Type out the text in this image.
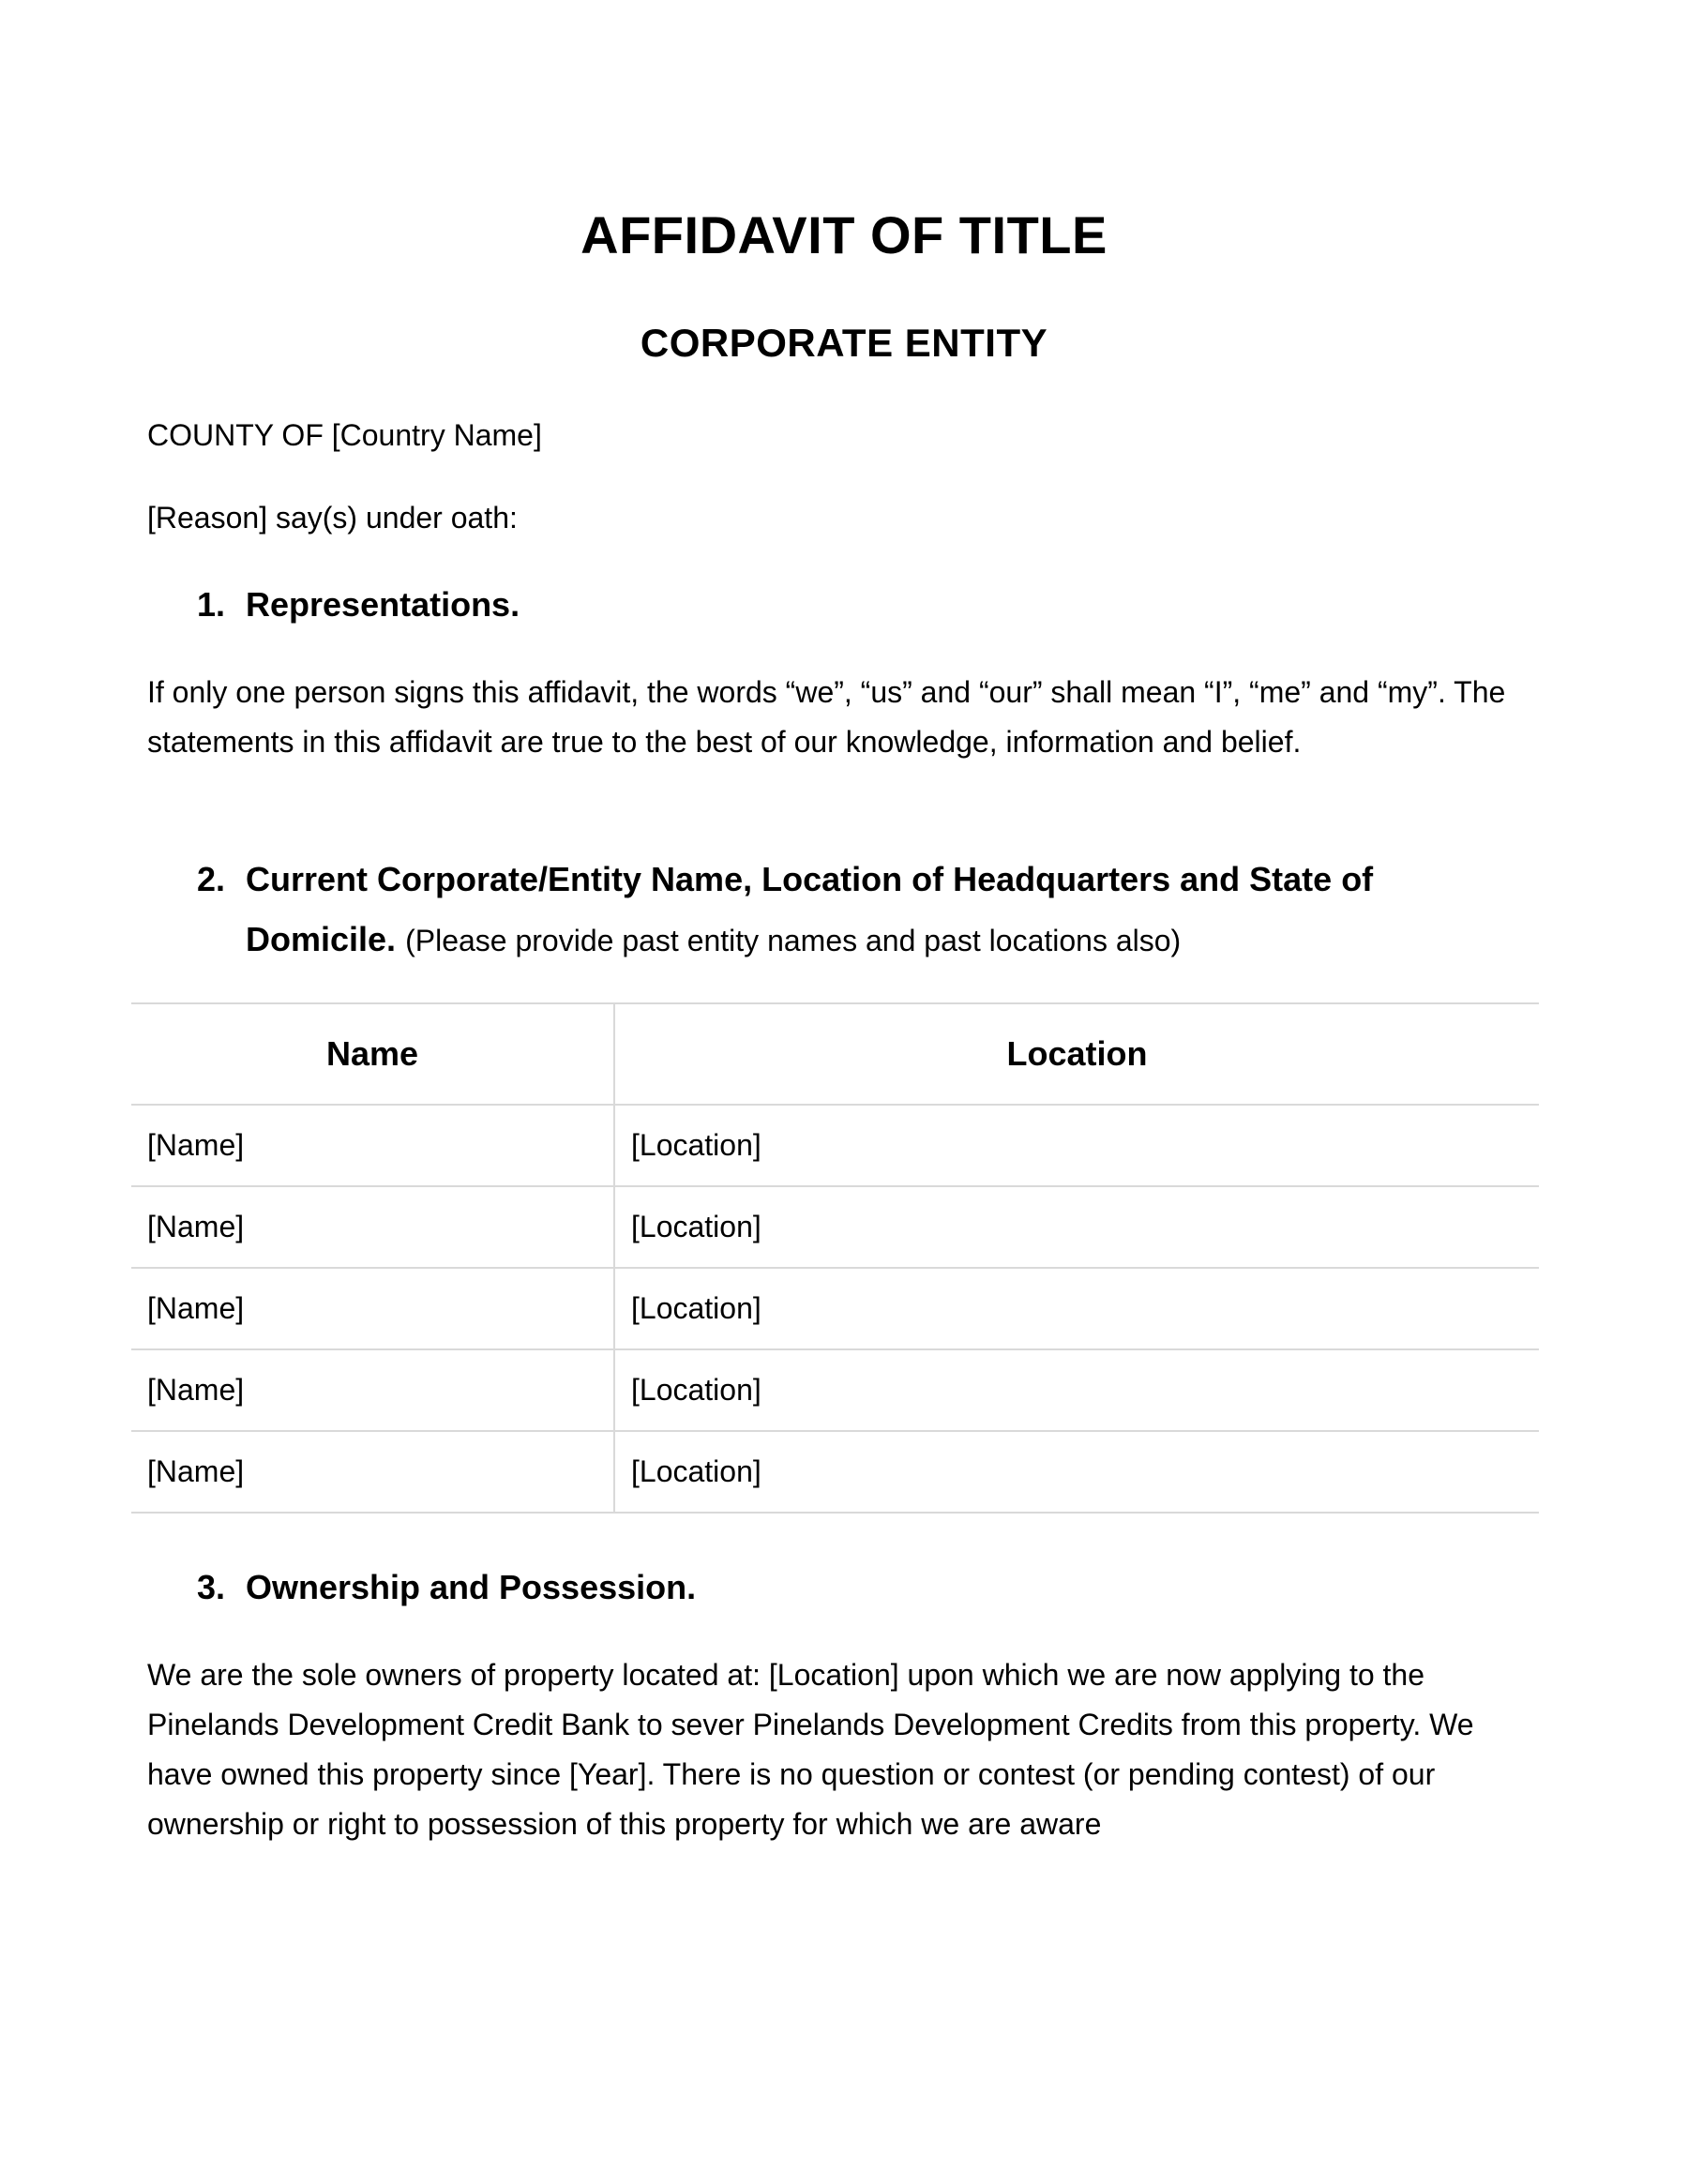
AFFIDAVIT OF TITLE
CORPORATE ENTITY
COUNTY OF [Country Name]
[Reason] say(s) under oath:
1. Representations.
If only one person signs this affidavit, the words “we”, “us” and “our” shall mean “I”, “me” and “my”. The statements in this affidavit are true to the best of our knowledge, information and belief.
2. Current Corporate/Entity Name, Location of Headquarters and State of
Domicile. (Please provide past entity names and past locations also)
Name	Location
[Name]	[Location]
[Name]	[Location]
[Name]	[Location]
[Name]	[Location]
[Name]	[Location]
3. Ownership and Possession.
We are the sole owners of property located at: [Location] upon which we are now applying to the Pinelands Development Credit Bank to sever Pinelands Development Credits from this property. We have owned this property since [Year]. There is no question or contest (or pending contest) of our ownership or right to possession of this property for which we are aware
